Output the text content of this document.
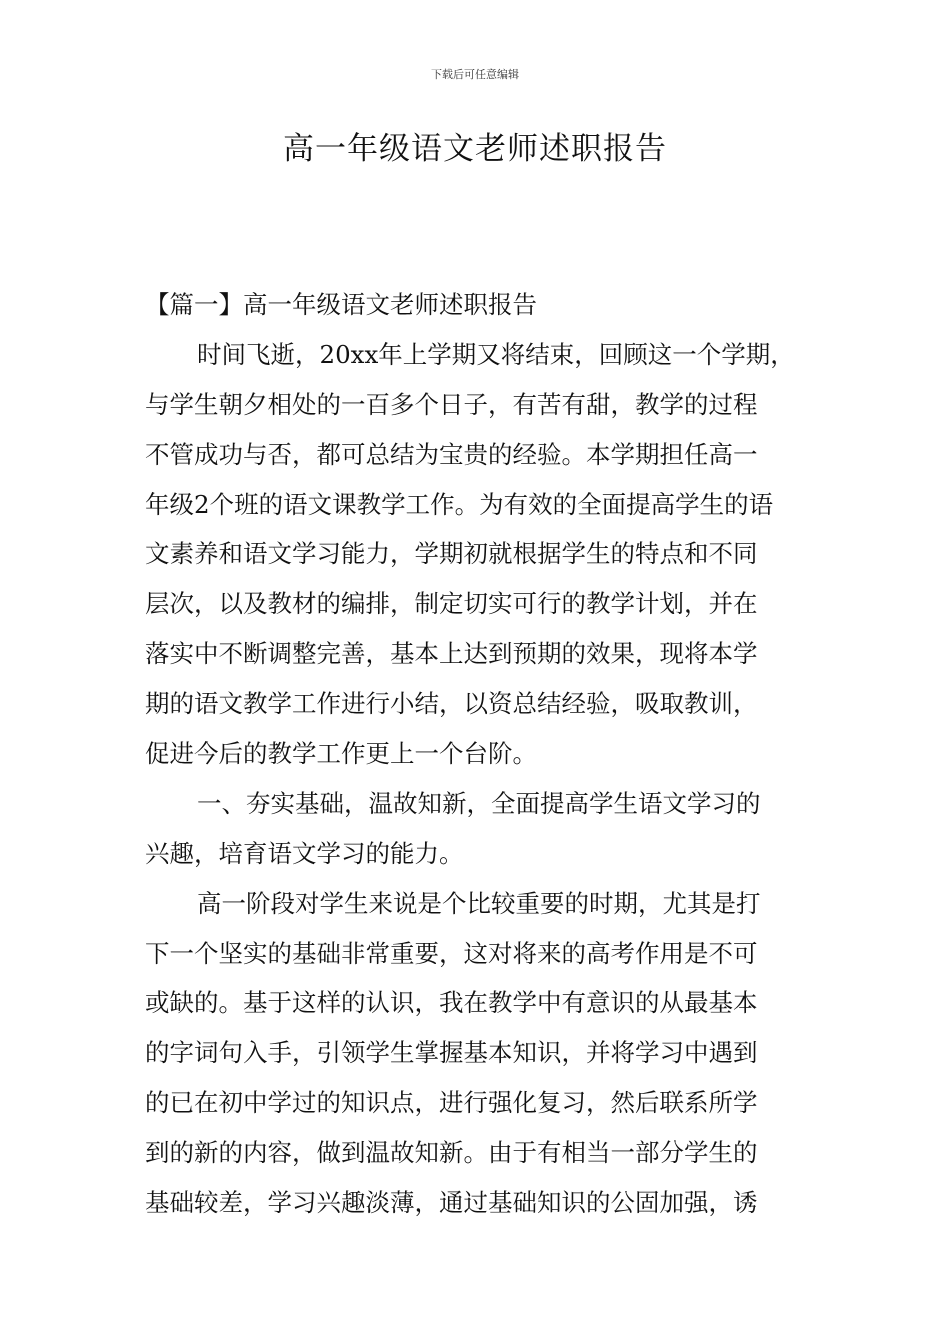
下载后可任意编辑
高一年级语文老师述职报告
【篇一】高一年级语文老师述职报告
时间飞逝，20xx年上学期又将结束，回顾这一个学期，
与学生朝夕相处的一百多个日子，有苦有甜，教学的过程
不管成功与否，都可总结为宝贵的经验。本学期担任高一
年级2个班的语文课教学工作。为有效的全面提高学生的语
文素养和语文学习能力，学期初就根据学生的特点和不同
层次，以及教材的编排，制定切实可行的教学计划，并在
落实中不断调整完善，基本上达到预期的效果，现将本学
期的语文教学工作进行小结，以资总结经验，吸取教训，
促进今后的教学工作更上一个台阶。
一、夯实基础，温故知新，全面提高学生语文学习的
兴趣，培育语文学习的能力。
高一阶段对学生来说是个比较重要的时期，尤其是打
下一个坚实的基础非常重要，这对将来的高考作用是不可
或缺的。基于这样的认识，我在教学中有意识的从最基本
的字词句入手，引领学生掌握基本知识，并将学习中遇到
的已在初中学过的知识点，进行强化复习，然后联系所学
到的新的内容，做到温故知新。由于有相当一部分学生的
基础较差，学习兴趣淡薄，通过基础知识的公固加强，诱
